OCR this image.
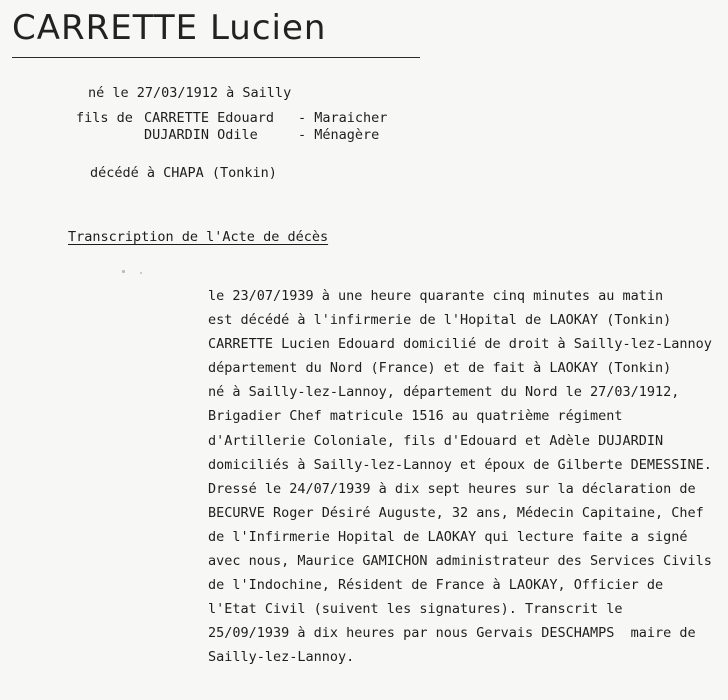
CARRETTE Lucien
né le 27/03/1912 à Sailly
fils de CARRETTE Edouard - Maraicher
DUJARDIN Odile	- Ménagère
décédé à CHAPA (Tonkin)
Transcription de l'Acte de décès
le 23/07/1939 à une heure quarante cinq minutes au matin
est décédé à l'infirmerie de l'Hopital de LAOKAY (Tonkin)
CARRETTE Lucien Edouard domicilié de droit à Sailly-lez-Lannoy
département du Nord (France) et de fait à LAOKAY (Tonkin)
né à Sailly-lez-Lannoy, département du Nord le 27/03/1912,
Brigadier Chef matricule 1516 au quatrième régiment
d'Artillerie Coloniale, fils d'Edouard et Adèle DUJARDIN
domiciliés à Sailly-lez-Lannoy et époux de Gilberte DEMESSINE.
Dressé le 24/07/1939 à dix sept heures sur la déclaration de
BECURVE Roger Désiré Auguste, 32 ans, Médecin Capitaine, Chef
de l'Infirmerie Hopital de LAOKAY qui lecture faite a signé
avec nous, Maurice GAMICHON administrateur des Services Civils
de l'Indochine, Résident de France à LAOKAY, Officier de
l'Etat Civil (suivent les signatures). Transcrit le
25/09/1939 à dix heures par nous Gervais DESCHAMPS  maire de
Sailly-lez-Lannoy.
